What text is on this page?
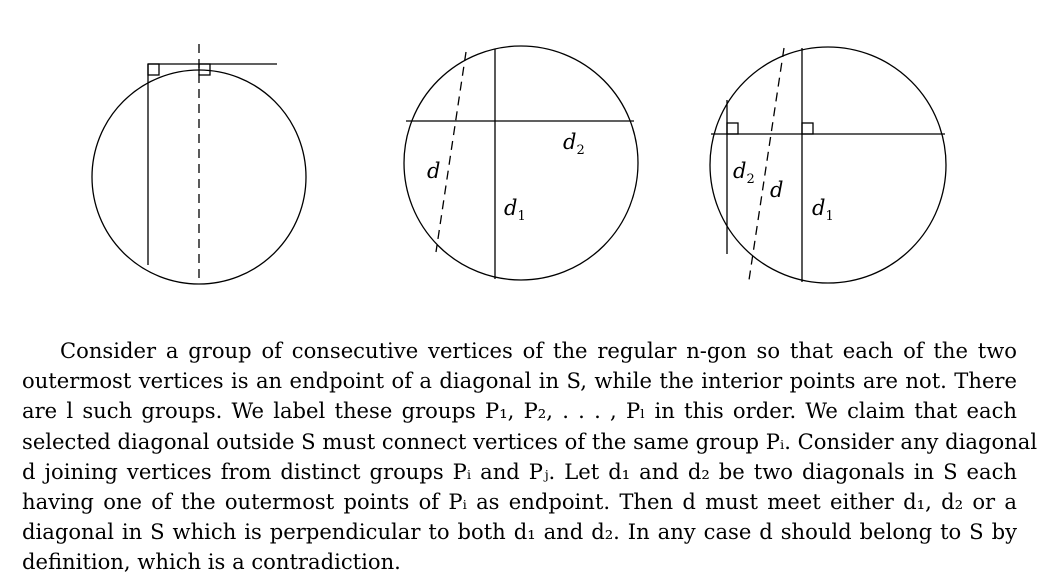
$d_2$
d
$d_1$
$d_2$ d
$d_1$
Consider a group of consecutive vertices of the regular n-gon so that each of the two
outermost vertices is an endpoint of a diagonal in S, while the interior points are not. There
are l such groups. We label these groups P₁, P₂, . . . , Pₗ in this order. We claim that each
selected diagonal outside S must connect vertices of the same group Pᵢ. Consider any diagonal
d joining vertices from distinct groups Pᵢ and Pⱼ. Let d₁ and d₂ be two diagonals in S each
having one of the outermost points of Pᵢ as endpoint. Then d must meet either d₁, d₂ or a
diagonal in S which is perpendicular to both d₁ and d₂. In any case d should belong to S by
definition, which is a contradiction.
